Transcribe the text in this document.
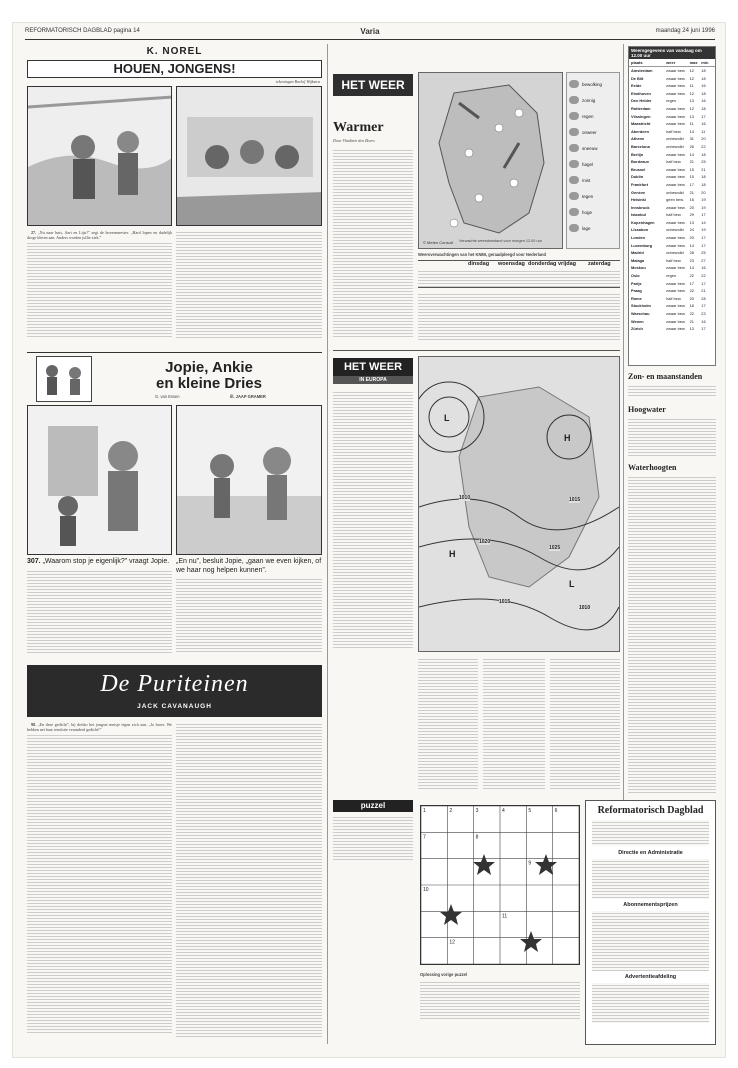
REFORMATORISCH DAGBLAD pagina 14	Varia	maandag 24 juni 1996
K. NOREL
HOUEN, JONGENS!
tekeningen Roelof Wijkstra

27. „Nu naar huis, Aart en Lijst!” zegt de bovenmeester. „Hard lopen en dadelijk droge kleren aan. Anders worden jullie ziek.”

Jopie, Ankie
en kleine Dries
G. van Essen	ill. JAAP GRAMER
307. „Waarom stop je eigenlijk?” vraagt Jopie. „En nu”, besluit Jopie, „gaan we even kijken, of we haar nog helpen kunnen”.
De Puriteinen
JACK CAVANAUGH

98. „En deze gedicht”, bij dreiko het jongste meisje tegen zich aan. „Jo broer. We hebben net haar tenslotte veranderd gedicht!”

HET WEER
Warmer
Door Vladimir den Boers
© Meteo Consult Verwachte weerstoestand voor morgen 12.00 uur
bewolking
zonnig
regen
onweer
sneeuw
hagel
mist
tegen
hoge
lage
Weersverwachtingen van het KNMI, geraadpleegd voor Nederland
dinsdag	woensdag donderdag vrijdag	zaterdag
HET WEER
IN EUROPA
L
H
H
L
1010	1015
1020
1025
1015
1010
puzzel
1	2	3	4	5	6
7	8
9
10
11
12
Oplossing vorige puzzel
Weersgegevens van vandaag om 12.00 uur
plaats	weer	max min
Amsterdam	zwaar bew.	12	18
De Bilt	zwaar bew.	12	18
Eelde	zwaar bew.	11	16
Eindhoven	zwaar bew.	12	18
Den Helder	regen	13	16
Rotterdam	zwaar bew.	12	18
Vlissingen	zwaar bew.	13	17
Maastricht	zwaar bew.	11	16
Aberdeen	half bew.	14	11
Athene	onbewolkt	31	20
Barcelona	onbewolkt	26	22
Berlijn	zwaar bew.	14	18
Bordeaux	half bew.	21	25
Brussel	zwaar bew.	15	21
Dublin	zwaar bew.	15	18
Frankfurt	zwaar bew.	17	18
Genève	onbewolkt	21	20
Helsinki	geen bew.	16	19
Innsbruck	zwaar bew.	20	19
Istanbul	half bew.	29	17
Kopenhagen	zwaar bew.	13	14
Lissabon	onbewolkt	24	19
Londen	zwaar bew.	20	17
Luxemburg	zwaar bew.	14	17
Madrid	onbewolkt	28	25
Malaga	half bew.	23	27
Moskou	zwaar bew.	14	16
Oslo	regen	22	22
Parijs	zwaar bew.	17	17
Praag	zwaar bew.	22	21
Rome	half bew.	20	28
Stockholm	zwaar bew.	18	17
Warschau	zwaar bew.	22	23
Wenen	zwaar bew.	21	16
Zürich	zwaar bew.	13	17
Zon- en maanstanden
Hoogwater
Waterhoogten
Reformatorisch Dagblad
Directie en Administratie
Abonnementsprijzen
Advertentieafdeling
